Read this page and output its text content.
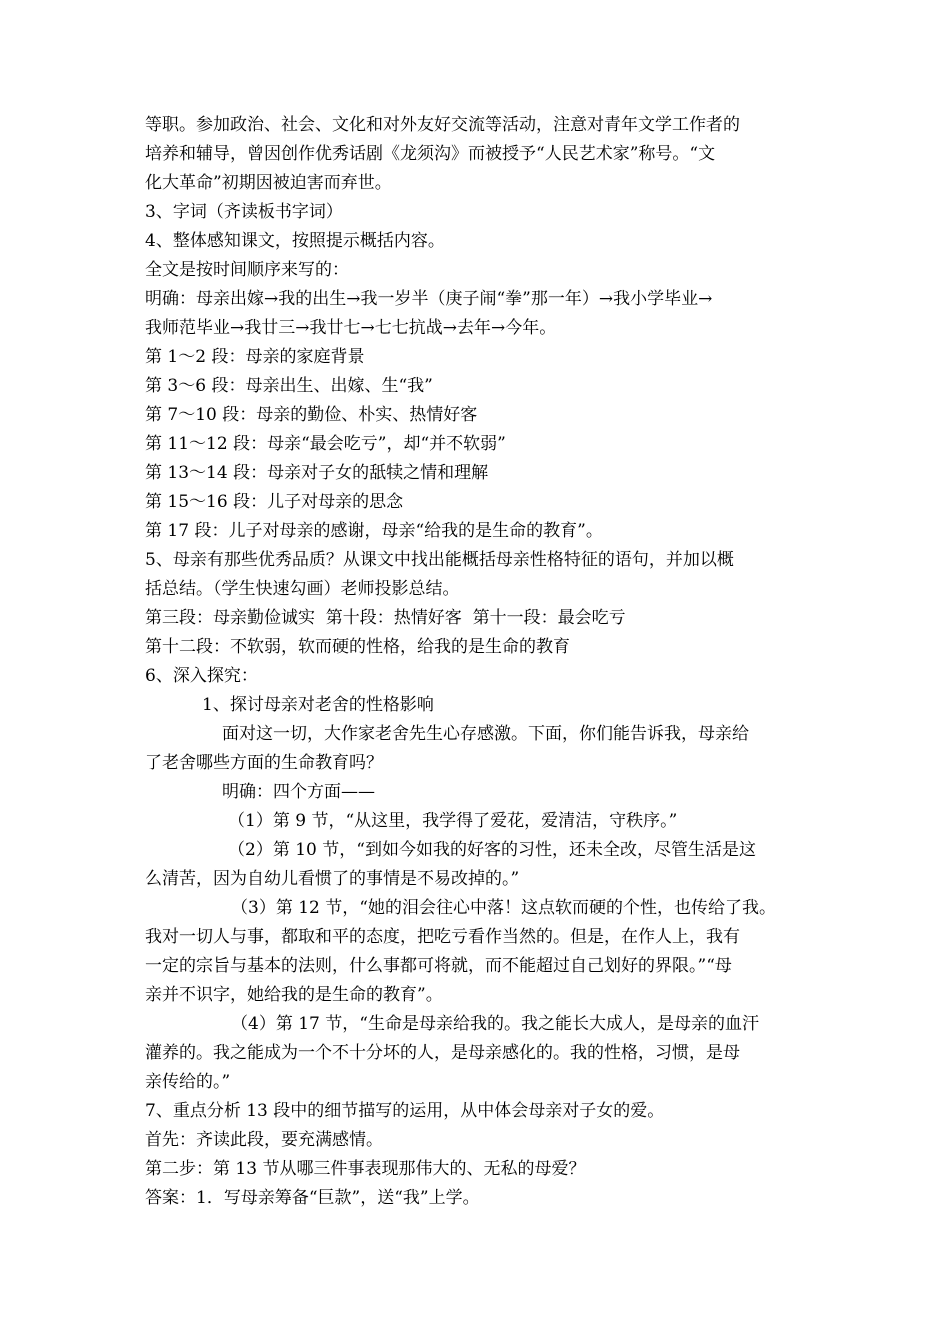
等职。参加政治、社会、文化和对外友好交流等活动，注意对青年文学工作者的
培养和辅导，曾因创作优秀话剧《龙须沟》而被授予“人民艺术家”称号。“文
化大革命”初期因被迫害而弃世。
3、字词（齐读板书字词）
4、整体感知课文，按照提示概括内容。
全文是按时间顺序来写的：
明确：母亲出嫁→我的出生→我一岁半（庚子闹“拳”那一年）→我小学毕业→
我师范毕业→我廿三→我廿七→七七抗战→去年→今年。
第 1～2 段：母亲的家庭背景
第 3～6 段：母亲出生、出嫁、生“我”
第 7～10 段：母亲的勤俭、朴实、热情好客
第 11～12 段：母亲“最会吃亏”，却“并不软弱”
第 13～14 段：母亲对子女的舐犊之情和理解
第 15～16 段：儿子对母亲的思念
第 17 段：儿子对母亲的感谢，母亲“给我的是生命的教育”。
5、母亲有那些优秀品质？从课文中找出能概括母亲性格特征的语句，并加以概
括总结。（学生快速勾画）老师投影总结。
第三段：母亲勤俭诚实  第十段：热情好客  第十一段：最会吃亏
第十二段：不软弱，软而硬的性格，给我的是生命的教育
6、深入探究：
1、探讨母亲对老舍的性格影响
面对这一切，大作家老舍先生心存感激。下面，你们能告诉我，母亲给
了老舍哪些方面的生命教育吗？
明确：四个方面——
（1）第 9 节，“从这里，我学得了爱花，爱清洁，守秩序。”
（2）第 10 节，“到如今如我的好客的习性，还未全改，尽管生活是这
么清苦，因为自幼儿看惯了的事情是不易改掉的。”
（3）第 12 节，“她的泪会往心中落！这点软而硬的个性，也传给了我。
我对一切人与事，都取和平的态度，把吃亏看作当然的。但是，在作人上，我有
一定的宗旨与基本的法则，什么事都可将就，而不能超过自己划好的界限。”“母
亲并不识字，她给我的是生命的教育”。
（4）第 17 节，“生命是母亲给我的。我之能长大成人，是母亲的血汗
灌养的。我之能成为一个不十分坏的人，是母亲感化的。我的性格，习惯，是母
亲传给的。”
7、重点分析 13 段中的细节描写的运用，从中体会母亲对子女的爱。
首先：齐读此段，要充满感情。
第二步：第 13 节从哪三件事表现那伟大的、无私的母爱？
答案：1．写母亲筹备“巨款”，送“我”上学。
